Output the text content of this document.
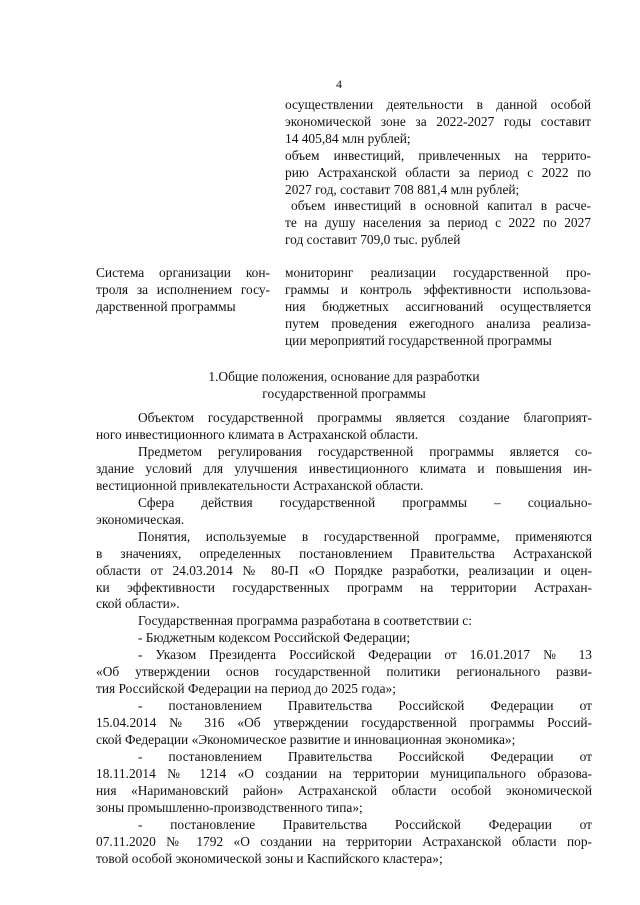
4
осуществлении деятельности в данной особой
экономической зоне за 2022-2027 годы составит
14 405,84 млн рублей;
объем инвестиций, привлеченных на террито-
рию Астраханской области за период с 2022 по
2027 год, составит 708 881,4 млн рублей;
объем инвестиций в основной капитал в расче-
те на душу населения за период с 2022 по 2027
год составит 709,0 тыс. рублей
Система организации кон-
троля за исполнением госу-
дарственной программы
мониторинг реализации государственной про-
граммы и контроль эффективности использова-
ния бюджетных ассигнований осуществляется
путем проведения ежегодного анализа реализа-
ции мероприятий государственной программы
1.Общие положения, основание для разработки
государственной программы
Объектом государственной программы является создание благоприят-
ного инвестиционного климата в Астраханской области.
Предметом регулирования государственной программы является со-
здание условий для улучшения инвестиционного климата и повышения ин-
вестиционной привлекательности Астраханской области.
Сфера действия государственной программы – социально-
экономическая.
Понятия, используемые в государственной программе, применяются
в значениях, определенных постановлением Правительства Астраханской
области от 24.03.2014 № 80-П «О Порядке разработки, реализации и оцен-
ки эффективности государственных программ на территории Астрахан-
ской области».
Государственная программа разработана в соответствии с:
- Бюджетным кодексом Российской Федерации;
- Указом Президента Российской Федерации от 16.01.2017 № 13
«Об утверждении основ государственной политики регионального разви-
тия Российской Федерации на период до 2025 года»;
- постановлением Правительства Российской Федерации от
15.04.2014 № 316 «Об утверждении государственной программы Россий-
ской Федерации «Экономическое развитие и инновационная экономика»;
- постановлением Правительства Российской Федерации от
18.11.2014 № 1214 «О создании на территории муниципального образова-
ния «Наримановский район» Астраханской области особой экономической
зоны промышленно-производственного типа»;
- постановление Правительства Российской Федерации от
07.11.2020 № 1792 «О создании на территории Астраханской области пор-
товой особой экономической зоны и Каспийского кластера»;
